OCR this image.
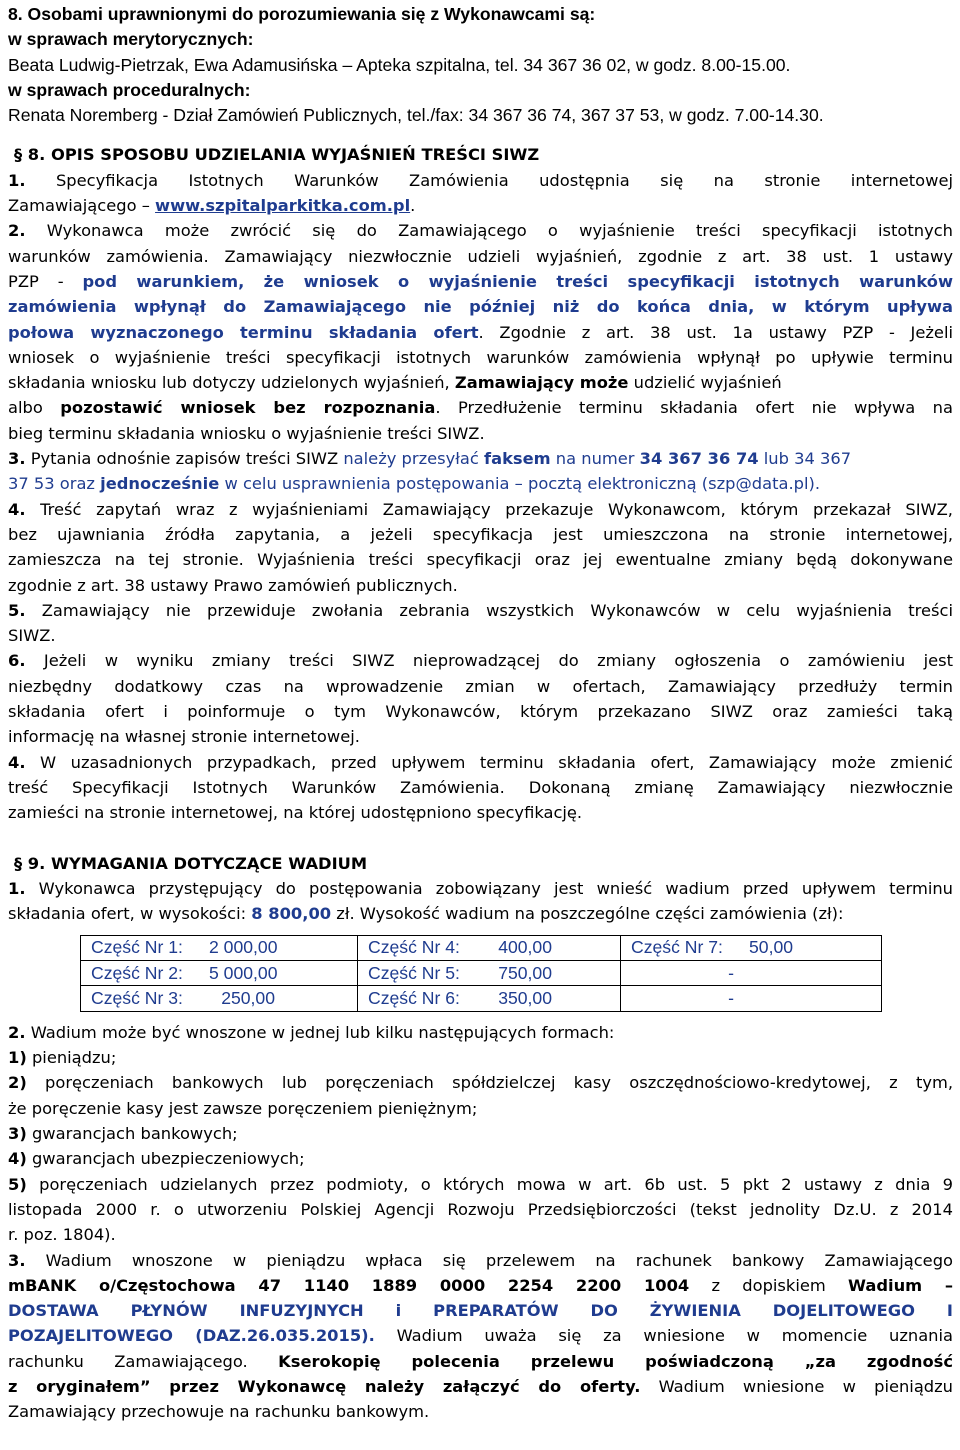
8. Osobami uprawnionymi do porozumiewania się z Wykonawcami są:
w sprawach merytorycznych:
Beata Ludwig-Pietrzak, Ewa Adamusińska – Apteka szpitalna, tel. 34 367 36 02, w godz. 8.00-15.00.
w sprawach proceduralnych:
Renata Noremberg - Dział Zamówień Publicznych, tel./fax: 34 367 36 74, 367 37 53, w godz. 7.00-14.30.
§ 8. OPIS SPOSOBU UDZIELANIA WYJAŚNIEŃ TREŚCI SIWZ
1. Specyfikacja Istotnych Warunków Zamówienia udostępnia się na stronie internetowej
Zamawiającego – www.szpitalparkitka.com.pl.
2. Wykonawca może zwrócić się do Zamawiającego o wyjaśnienie treści specyfikacji istotnych
warunków zamówienia. Zamawiający niezwłocznie udzieli wyjaśnień, zgodnie z art. 38 ust. 1 ustawy
PZP - pod warunkiem, że wniosek o wyjaśnienie treści specyfikacji istotnych warunków
zamówienia wpłynął do Zamawiającego nie później niż do końca dnia, w którym upływa
połowa wyznaczonego terminu składania ofert. Zgodnie z art. 38 ust. 1a ustawy PZP - Jeżeli
wniosek o wyjaśnienie treści specyfikacji istotnych warunków zamówienia wpłynął po upływie terminu
składania wniosku lub dotyczy udzielonych wyjaśnień, Zamawiający może udzielić wyjaśnień
albo pozostawić wniosek bez rozpoznania. Przedłużenie terminu składania ofert nie wpływa na
bieg terminu składania wniosku o wyjaśnienie treści SIWZ.
3. Pytania odnośnie zapisów treści SIWZ należy przesyłać faksem na numer 34 367 36 74 lub 34 367
37 53 oraz jednocześnie w celu usprawnienia postępowania – pocztą elektroniczną (szp@data.pl).
4. Treść zapytań wraz z wyjaśnieniami Zamawiający przekazuje Wykonawcom, którym przekazał SIWZ,
bez ujawniania źródła zapytania, a jeżeli specyfikacja jest umieszczona na stronie internetowej,
zamieszcza na tej stronie. Wyjaśnienia treści specyfikacji oraz jej ewentualne zmiany będą dokonywane
zgodnie z art. 38 ustawy Prawo zamówień publicznych.
5. Zamawiający nie przewiduje zwołania zebrania wszystkich Wykonawców w celu wyjaśnienia treści
SIWZ.
6. Jeżeli w wyniku zmiany treści SIWZ nieprowadzącej do zmiany ogłoszenia o zamówieniu jest
niezbędny dodatkowy czas na wprowadzenie zmian w ofertach, Zamawiający przedłuży termin
składania ofert i poinformuje o tym Wykonawców, którym przekazano SIWZ oraz zamieści taką
informację na własnej stronie internetowej.
4. W uzasadnionych przypadkach, przed upływem terminu składania ofert, Zamawiający może zmienić
treść Specyfikacji Istotnych Warunków Zamówienia. Dokonaną zmianę Zamawiający niezwłocznie
zamieści na stronie internetowej, na której udostępniono specyfikację.
§ 9. WYMAGANIA DOTYCZĄCE WADIUM
1. Wykonawca przystępujący do postępowania zobowiązany jest wnieść wadium przed upływem terminu
składania ofert, w wysokości: 8 800,00 zł. Wysokość wadium na poszczególne części zamówienia (zł):
Część Nr 1: 2 000,00	Część Nr 4: 400,00	Część Nr 7: 50,00
Część Nr 2: 5 000,00	Część Nr 5: 750,00	-
Część Nr 3: 250,00	Część Nr 6: 350,00	-
2. Wadium może być wnoszone w jednej lub kilku następujących formach:
1) pieniądzu;
2) poręczeniach bankowych lub poręczeniach spółdzielczej kasy oszczędnościowo-kredytowej, z tym,
że poręczenie kasy jest zawsze poręczeniem pieniężnym;
3) gwarancjach bankowych;
4) gwarancjach ubezpieczeniowych;
5) poręczeniach udzielanych przez podmioty, o których mowa w art. 6b ust. 5 pkt 2 ustawy z dnia 9
listopada 2000 r. o utworzeniu Polskiej Agencji Rozwoju Przedsiębiorczości (tekst jednolity Dz.U. z 2014
r. poz. 1804).
3. Wadium wnoszone w pieniądzu wpłaca się przelewem na rachunek bankowy Zamawiającego
mBANK o/Częstochowa 47 1140 1889 0000 2254 2200 1004 z dopiskiem Wadium –
DOSTAWA PŁYNÓW INFUZYJNYCH i PREPARATÓW DO ŻYWIENIA DOJELITOWEGO I
POZAJELITOWEGO (DAZ.26.035.2015). Wadium uważa się za wniesione w momencie uznania
rachunku Zamawiającego. Kserokopię polecenia przelewu poświadczoną „za zgodność
z oryginałem” przez Wykonawcę należy załączyć do oferty. Wadium wniesione w pieniądzu
Zamawiający przechowuje na rachunku bankowym.
